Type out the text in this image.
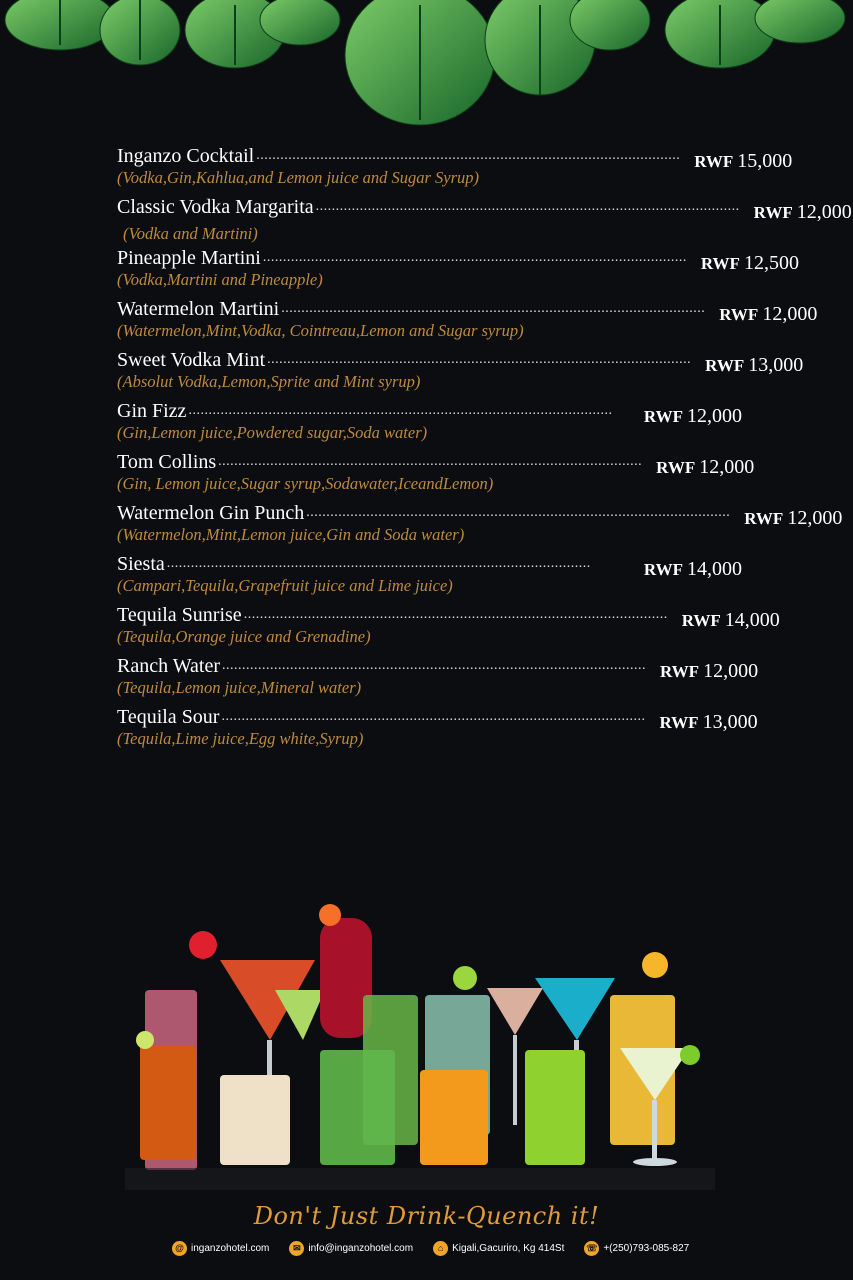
Inganzo Cocktail .......................................................................................................... RWF 15,000
(Vodka,Gin,Kahlua,and Lemon juice and Sugar Syrup)
Classic Vodka Margarita .......................................................................................................... RWF 12,000
(Vodka and Martini)
Pineapple Martini .......................................................................................................... RWF 12,500
(Vodka,Martini and Pineapple)
Watermelon Martini .......................................................................................................... RWF 12,000
(Watermelon,Mint,Vodka, Cointreau,Lemon and Sugar syrup)
Sweet Vodka Mint .......................................................................................................... RWF 13,000
(Absolut Vodka,Lemon,Sprite and Mint syrup)
Gin Fizz ..........................................................................................................	RWF 12,000
(Gin,Lemon juice,Powdered sugar,Soda water)
Tom Collins .......................................................................................................... RWF 12,000
(Gin, Lemon juice,Sugar syrup,Sodawater,IceandLemon)
Watermelon Gin Punch .......................................................................................................... RWF 12,000
(Watermelon,Mint,Lemon juice,Gin and Soda water)
Siesta ..........................................................................................................	RWF 14,000
(Campari,Tequila,Grapefruit juice and Lime juice)
Tequila Sunrise .......................................................................................................... RWF 14,000
(Tequila,Orange juice and Grenadine)
Ranch Water .......................................................................................................... RWF 12,000
(Tequila,Lemon juice,Mineral water)
Tequila Sour .......................................................................................................... RWF 13,000
(Tequila,Lime juice,Egg white,Syrup)
Don't Just Drink-Quench it!
@ inganzohotel.com	✉ info@inganzohotel.com	⌂ Kigali,Gacuriro, Kg 414St ☏ +(250)793-085-827
